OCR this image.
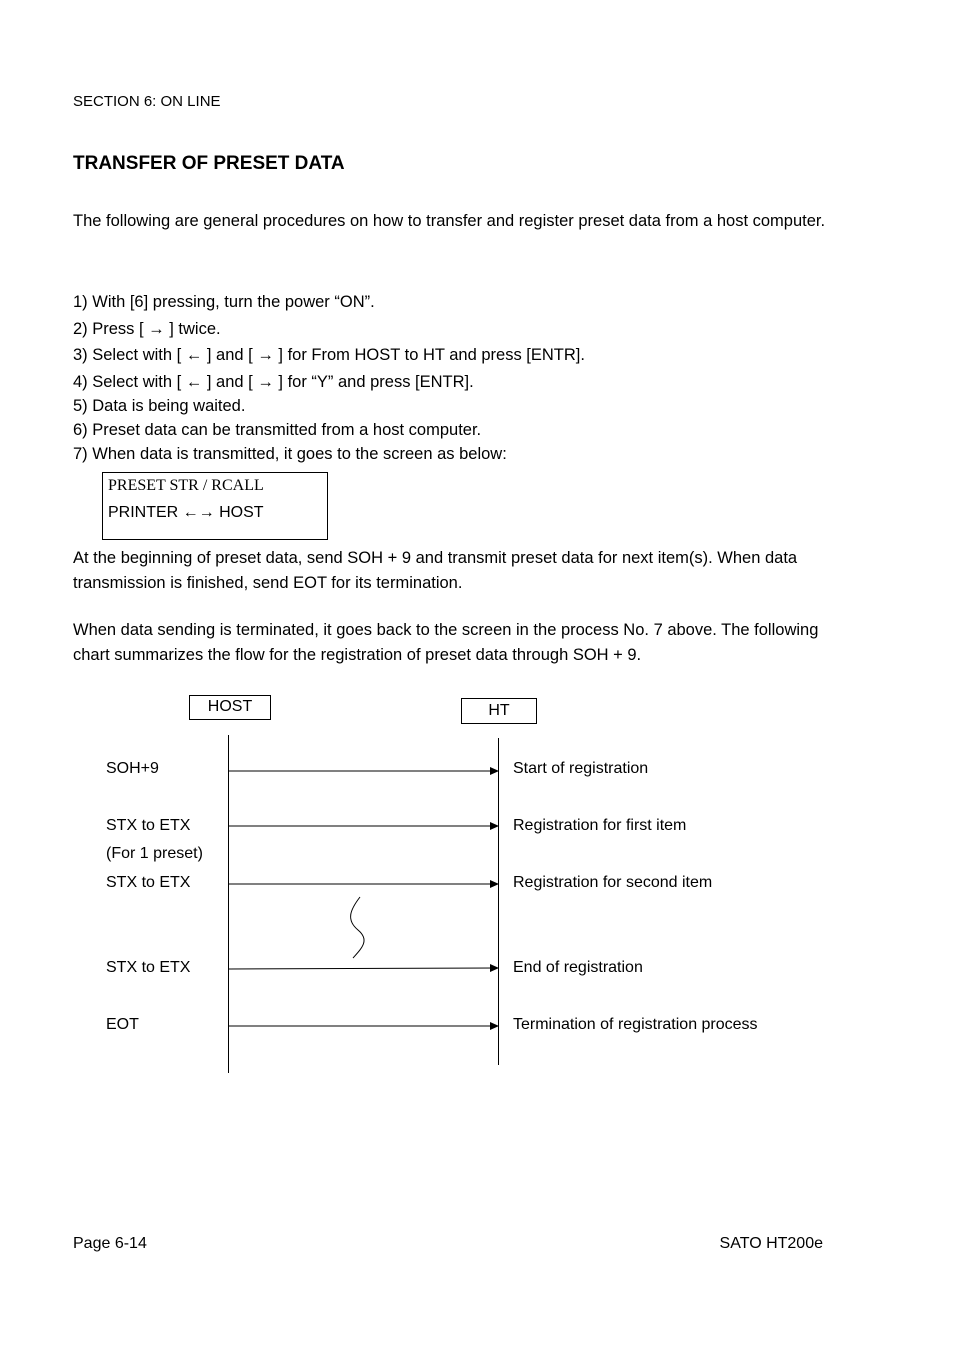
SECTION 6: ON LINE
TRANSFER OF PRESET DATA
The following are general procedures on how to transfer and register preset data from a host computer.
1) With [6] pressing, turn the power “ON”.
2) Press [ → ] twice.
3) Select with [ ← ] and [ → ] for From HOST to HT and press [ENTR].
4) Select with [ ← ] and [ → ] for “Y” and press [ENTR].
5) Data is being waited.
6) Preset data can be transmitted from a host computer.
7) When data is transmitted, it goes to the screen as below:
PRESET STR / RCALL
PRINTER ←→ HOST
At the beginning of preset data, send SOH + 9 and transmit preset data for next item(s). When data transmission is finished, send EOT for its termination.
When data sending is terminated, it goes back to the screen in the process No. 7 above. The following chart summarizes the flow for the registration of preset data through SOH + 9.
HOST	HT
SOH+9	Start of registration
STX to ETX	Registration for first item
(For 1 preset)
STX to ETX	Registration for second item
STX to ETX	End of registration
EOT	Termination of registration process
Page 6-14	SATO HT200e
